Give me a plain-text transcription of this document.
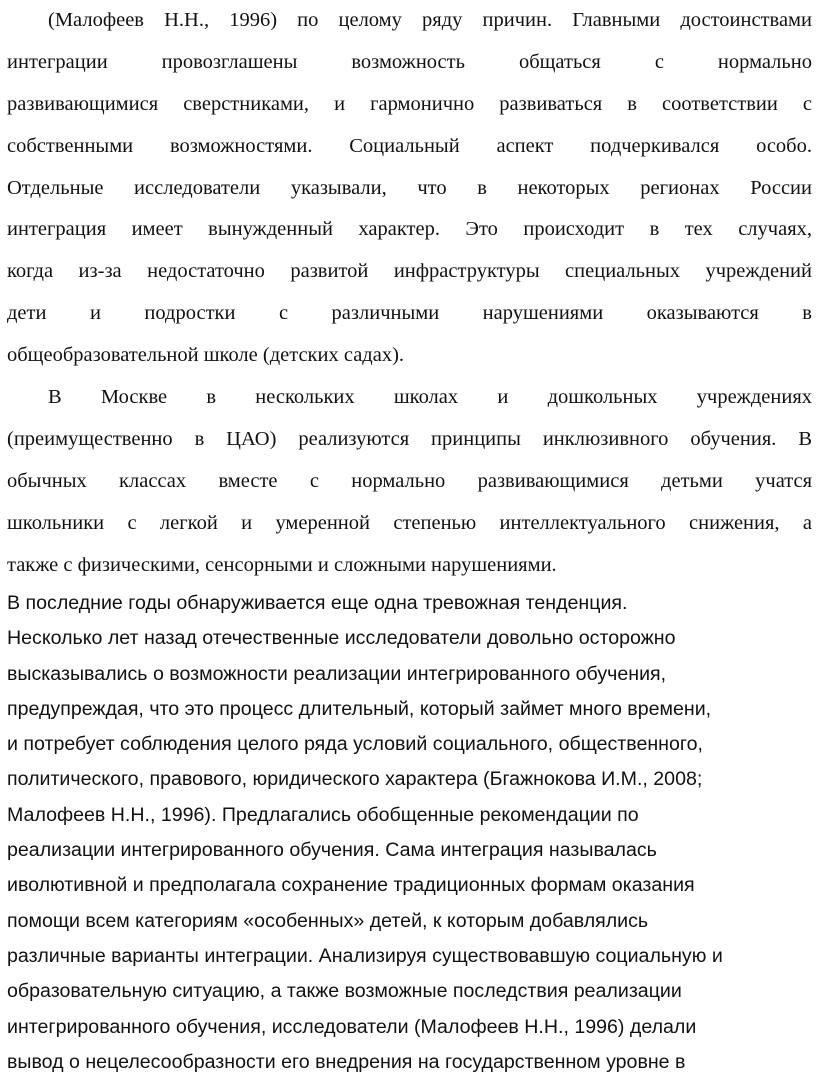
(Малофеев Н.Н., 1996) по целому ряду причин. Главными достоинствами
интеграции провозглашены возможность общаться с нормально
развивающимися сверстниками, и гармонично развиваться в соответствии с
собственными возможностями. Социальный аспект подчеркивался особо.
Отдельные исследователи указывали, что в некоторых регионах России
интеграция имеет вынужденный характер. Это происходит в тех случаях,
когда из-за недостаточно развитой инфраструктуры специальных учреждений
дети и подростки с различными нарушениями оказываются в
общеобразовательной школе (детских садах).
В Москве в нескольких школах и дошкольных учреждениях
(преимущественно в ЦАО) реализуются принципы инклюзивного обучения. В
обычных классах вместе с нормально развивающимися детьми учатся
школьники с легкой и умеренной степенью интеллектуального снижения, а
также с физическими, сенсорными и сложными нарушениями.
В последние годы обнаруживается еще одна тревожная тенденция.
Несколько лет назад отечественные исследователи довольно осторожно
высказывались о возможности реализации интегрированного обучения,
предупреждая, что это процесс длительный, который займет много времени,
и потребует соблюдения целого ряда условий социального, общественного,
политического, правового, юридического характера (Бгажнокова И.М., 2008;
Малофеев Н.Н., 1996). Предлагались обобщенные рекомендации по
реализации интегрированного обучения. Сама интеграция называлась
иволютивной и предполагала сохранение традиционных формам оказания
помощи всем категориям «особенных» детей, к которым добавлялись
различные варианты интеграции. Анализируя существовавшую социальную и
образовательную ситуацию, а также возможные последствия реализации
интегрированного обучения, исследователи (Малофеев Н.Н., 1996) делали
вывод о нецелесообразности его внедрения на государственном уровне в
